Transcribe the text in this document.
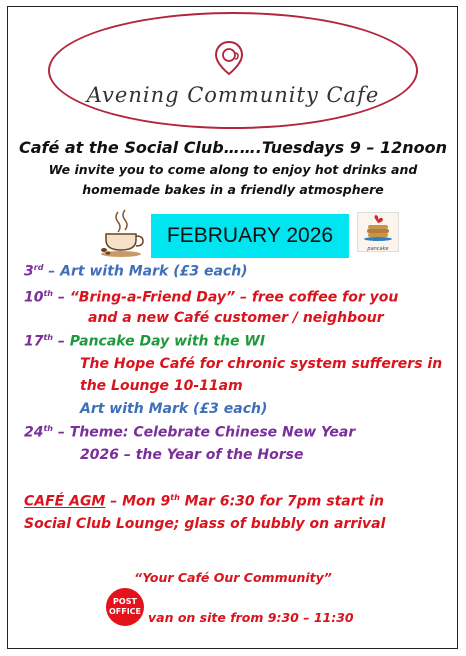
Avening Community Cafe
Café at the Social Club…….Tuesdays 9 – 12noon
We invite you to come along to enjoy hot drinks and
homemade bakes in a friendly atmosphere
FEBRUARY 2026
pancake
3rd – Art with Mark (£3 each)
10th – “Bring-a-Friend Day” – free coffee for you
and a new Café customer / neighbour
17th – Pancake Day with the WI
The Hope Café for chronic system sufferers in
the Lounge 10-11am
Art with Mark (£3 each)
24th – Theme: Celebrate Chinese New Year
2026 – the Year of the Horse
CAFÉ AGM – Mon 9th Mar 6:30 for 7pm start in
Social Club Lounge; glass of bubbly on arrival
“Your Café Our Community”
POST
OFFICE van on site from 9:30 – 11:30
